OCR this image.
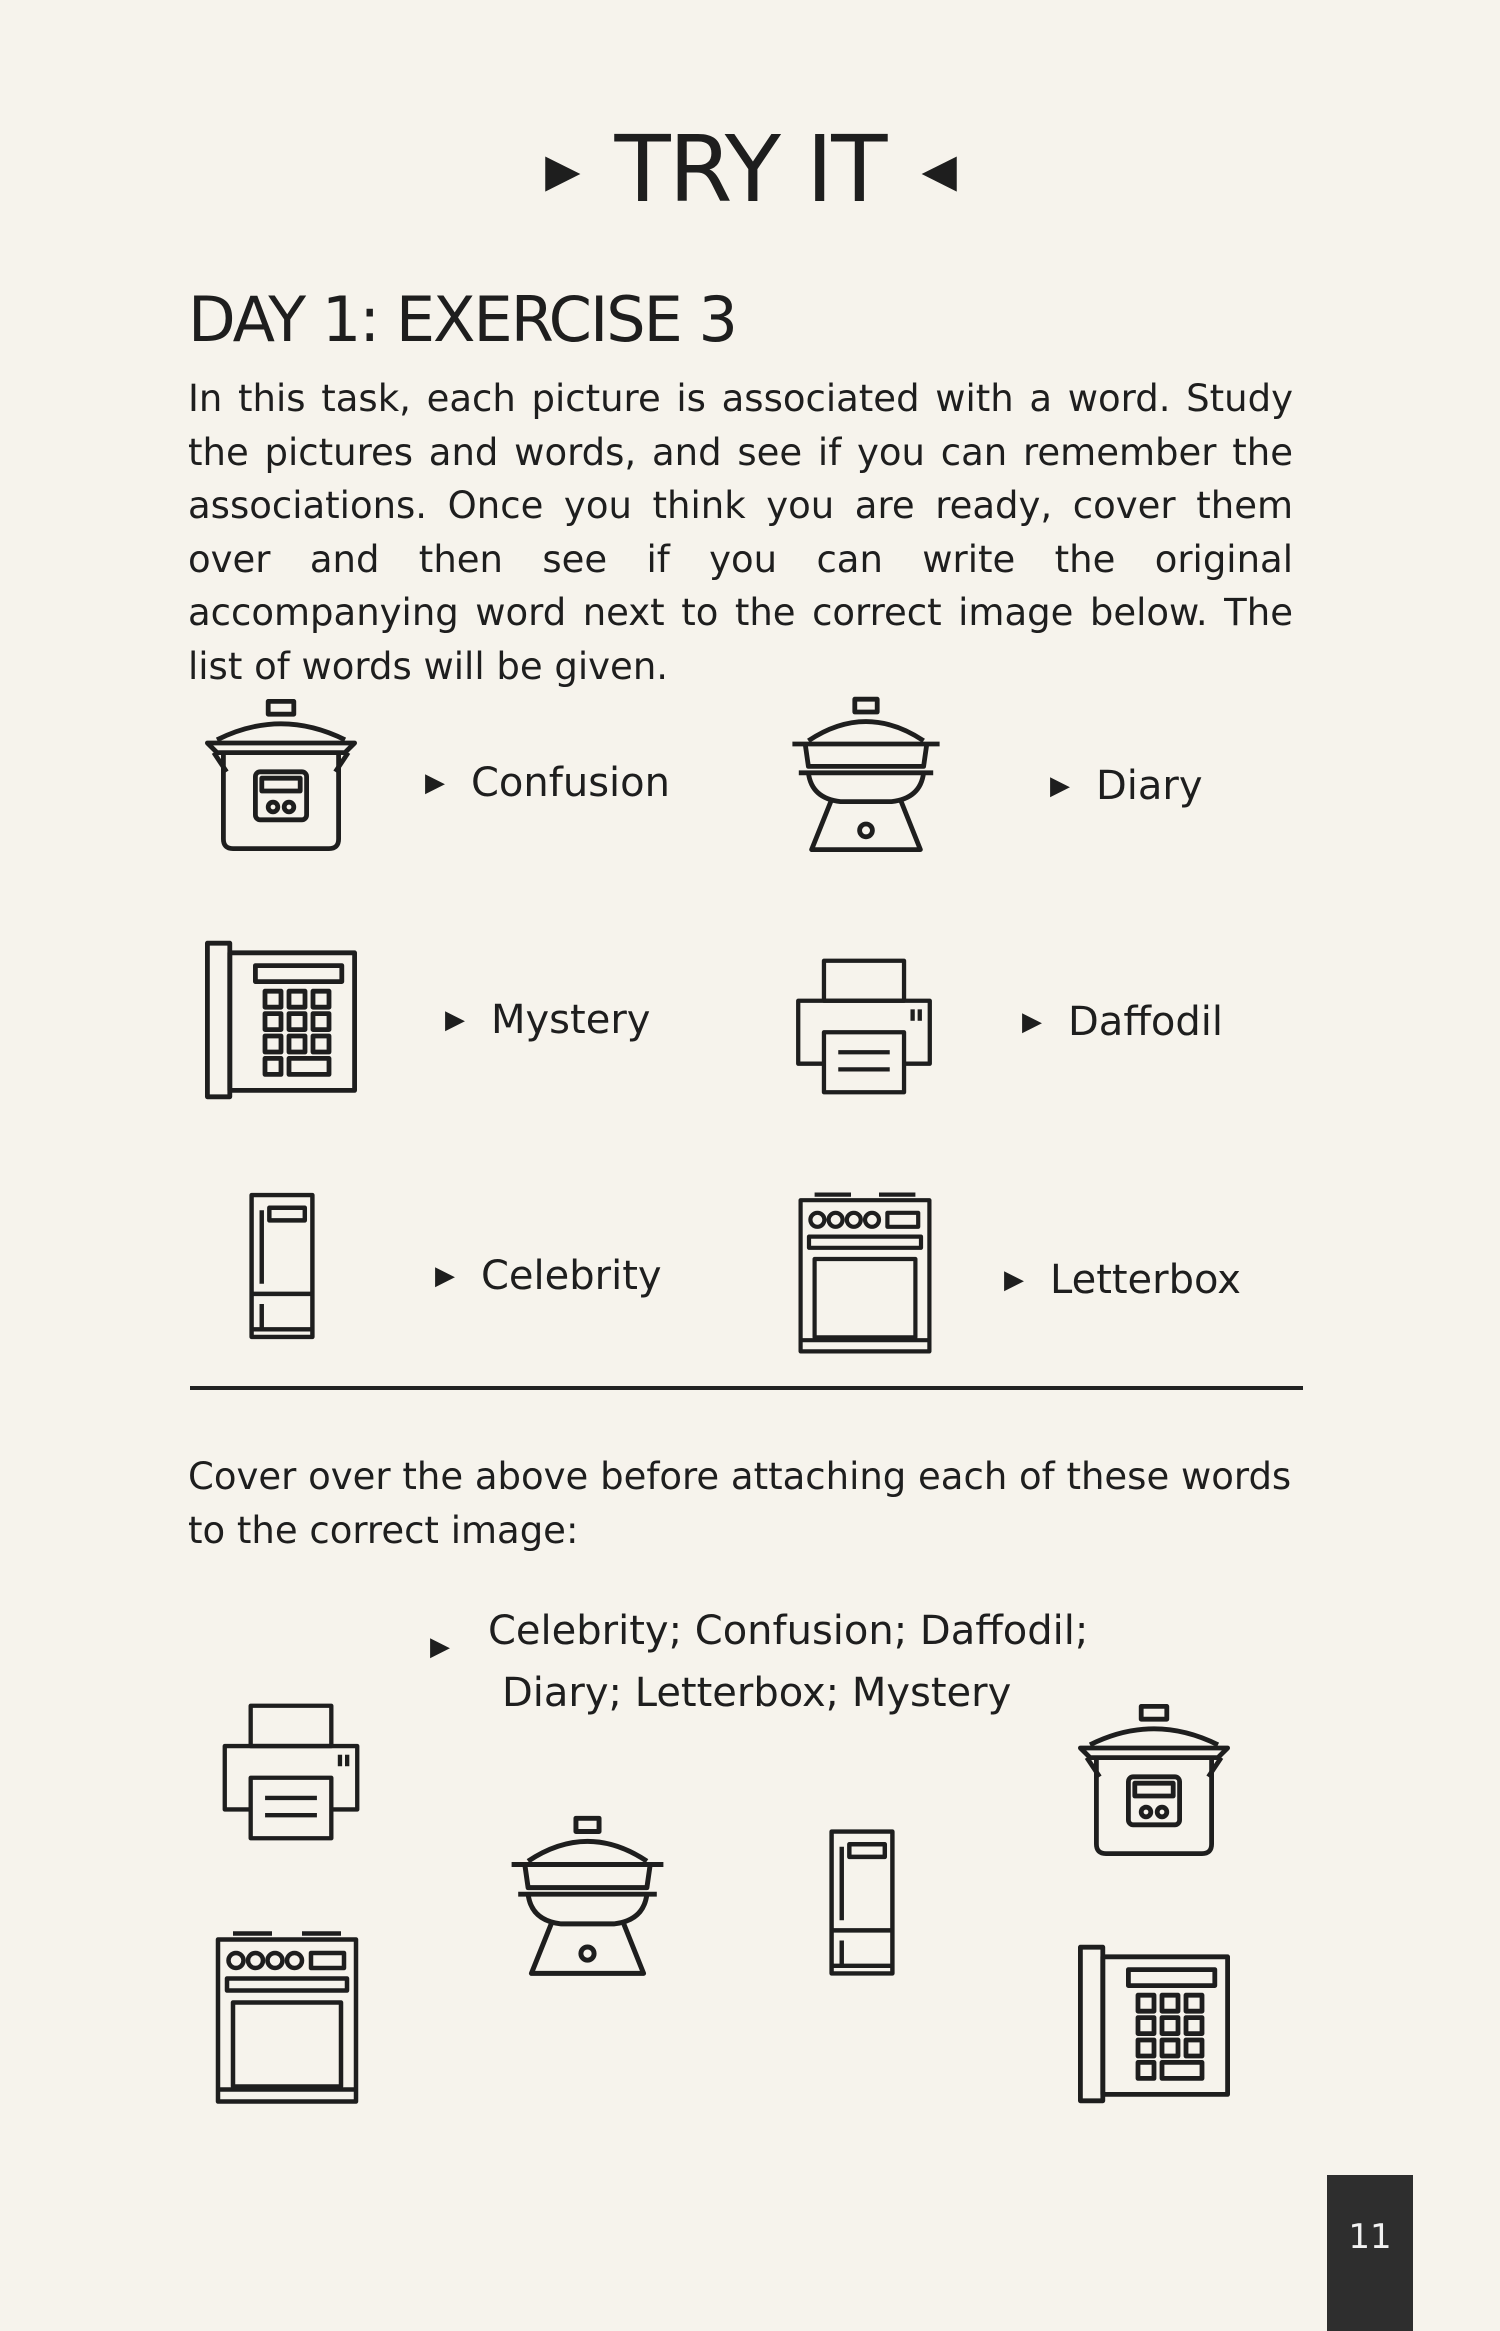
▶ TRY IT ◀
DAY 1: EXERCISE 3
In this task, each picture is associated with a word. Study the pictures and words, and see if you can remember the associations. Once you think you are ready, cover them over and then see if you can write the original accompanying word next to the correct image below. The list of words will be given.
▶ Confusion	▶ Diary
▶ Mystery	▶ Daffodil
▶ Celebrity	▶ Letterbox
Cover over the above before attaching each of these words to the correct image:
▶ Celebrity; Confusion; Daffodil;
Diary; Letterbox; Mystery
11
